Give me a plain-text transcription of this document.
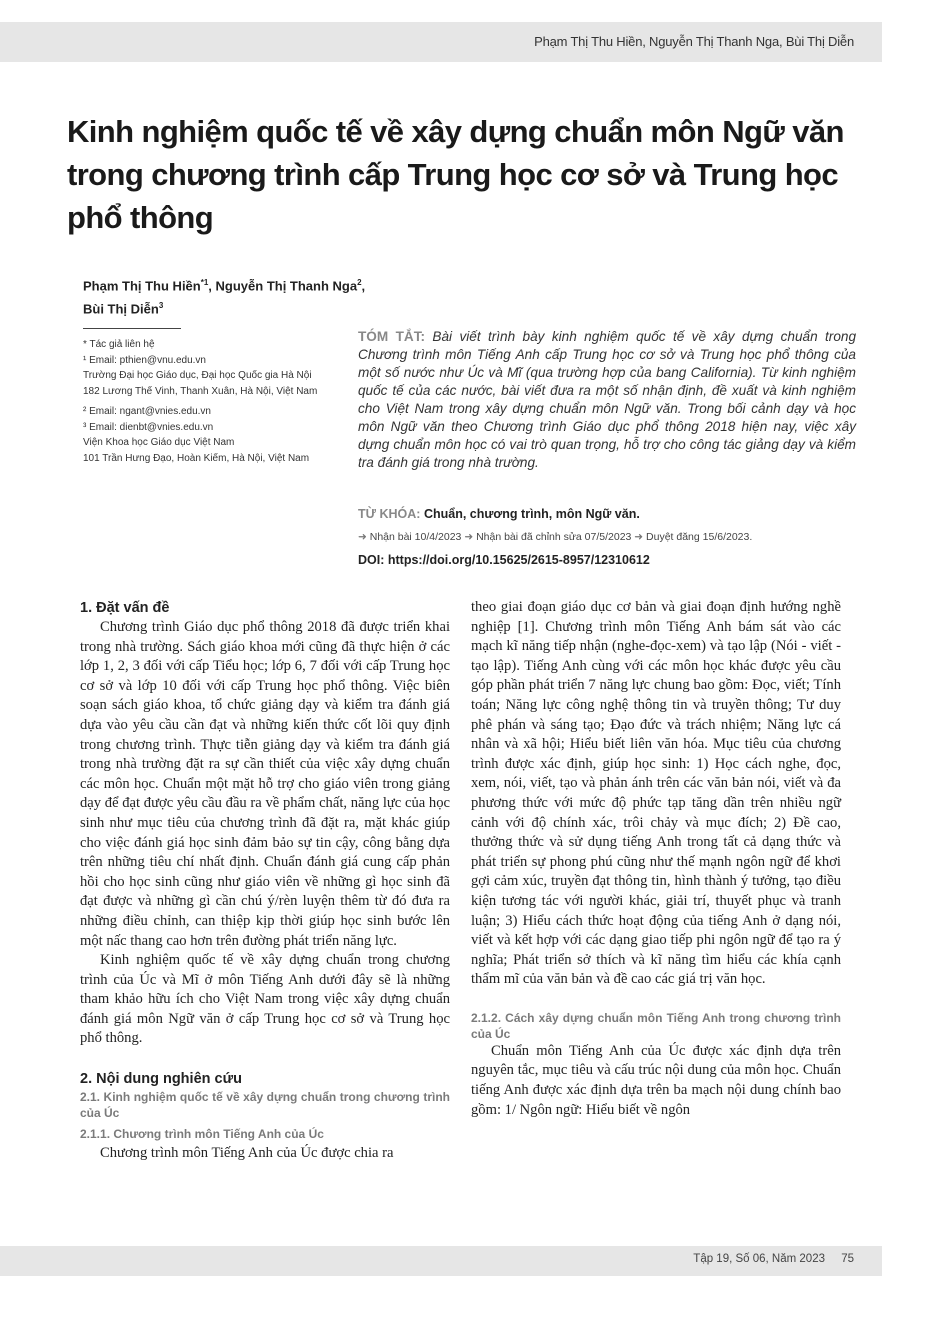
Phạm Thị Thu Hiền, Nguyễn Thị Thanh Nga, Bùi Thị Diễn
Kinh nghiệm quốc tế về xây dựng chuẩn môn Ngữ văn trong chương trình cấp Trung học cơ sở và Trung học phổ thông
Phạm Thị Thu Hiền$^{*1}$, Nguyễn Thị Thanh Nga$^2$,
Bùi Thị Diễn$^3$
* Tác giả liên hệ
¹ Email: pthien@vnu.edu.vn
Trường Đại học Giáo dục, Đại học Quốc gia Hà Nội
182 Lương Thế Vinh, Thanh Xuân, Hà Nội, Việt Nam
² Email: ngant@vnies.edu.vn
³ Email: dienbt@vnies.edu.vn
Viện Khoa học Giáo dục Việt Nam
101 Trần Hưng Đạo, Hoàn Kiếm, Hà Nội, Việt Nam

TÓM TẮT: Bài viết trình bày kinh nghiệm quốc tế về xây dựng chuẩn trong Chương trình môn Tiếng Anh cấp Trung học cơ sở và Trung học phổ thông của một số nước như Úc và Mĩ (qua trường hợp của bang California). Từ kinh nghiệm quốc tế của các nước, bài viết đưa ra một số nhận định, đề xuất và kinh nghiệm cho Việt Nam trong xây dựng chuẩn môn Ngữ văn. Trong bối cảnh dạy và học môn Ngữ văn theo Chương trình Giáo dục phổ thông 2018 hiện nay, việc xây dựng chuẩn môn học có vai trò quan trọng, hỗ trợ cho công tác giảng dạy và kiểm tra đánh giá trong nhà trường.

TỪ KHÓA: Chuẩn, chương trình, môn Ngữ văn.
➜ Nhận bài 10/4/2023 ➜ Nhận bài đã chỉnh sửa 07/5/2023 ➜ Duyệt đăng 15/6/2023.
DOI: https://doi.org/10.15625/2615-8957/12310612
1. Đặt vấn đề

Chương trình Giáo dục phổ thông 2018 đã được triển khai trong nhà trường. Sách giáo khoa mới cũng đã thực hiện ở các lớp 1, 2, 3 đối với cấp Tiểu học; lớp 6, 7 đối với cấp Trung học cơ sở và lớp 10 đối với cấp Trung học phổ thông. Việc biên soạn sách giáo khoa, tổ chức giảng dạy và kiểm tra đánh giá dựa vào yêu cầu cần đạt và những kiến thức cốt lõi quy định trong chương trình. Thực tiễn giảng dạy và kiểm tra đánh giá trong nhà trường đặt ra sự cần thiết của việc xây dựng chuẩn các môn học. Chuẩn một mặt hỗ trợ cho giáo viên trong giảng dạy để đạt được yêu cầu đầu ra về phẩm chất, năng lực của học sinh như mục tiêu của chương trình đã đặt ra, mặt khác giúp cho việc đánh giá học sinh đảm bảo sự tin cậy, công bằng dựa trên những tiêu chí nhất định. Chuẩn đánh giá cung cấp phản hồi cho học sinh cũng như giáo viên về những gì học sinh đã đạt được và những gì cần chú ý/rèn luyện thêm từ đó đưa ra những điều chỉnh, can thiệp kịp thời giúp học sinh bước lên một nấc thang cao hơn trên đường phát triển năng lực.

Kinh nghiệm quốc tế về xây dựng chuẩn trong chương trình của Úc và Mĩ ở môn Tiếng Anh dưới đây sẽ là những tham khảo hữu ích cho Việt Nam trong việc xây dựng chuẩn đánh giá môn Ngữ văn ở cấp Trung học cơ sở và Trung học phổ thông.

2. Nội dung nghiên cứu
2.1. Kinh nghiệm quốc tế về xây dựng chuẩn trong chương trình của Úc
2.1.1. Chương trình môn Tiếng Anh của Úc

Chương trình môn Tiếng Anh của Úc được chia ra

theo giai đoạn giáo dục cơ bản và giai đoạn định hướng nghề nghiệp [1]. Chương trình môn Tiếng Anh bám sát vào các mạch kĩ năng tiếp nhận (nghe-đọc-xem) và tạo lập (Nói - viết - tạo lập). Tiếng Anh cùng với các môn học khác được yêu cầu góp phần phát triển 7 năng lực chung bao gồm: Đọc, viết; Tính toán; Năng lực công nghệ thông tin và truyền thông; Tư duy phê phán và sáng tạo; Đạo đức và trách nhiệm; Năng lực cá nhân và xã hội; Hiểu biết liên văn hóa. Mục tiêu của chương trình được xác định, giúp học sinh: 1) Học cách nghe, đọc, xem, nói, viết, tạo và phản ánh trên các văn bản nói, viết và đa phương thức với mức độ phức tạp tăng dần trên nhiều ngữ cảnh với độ chính xác, trôi chảy và mục đích; 2) Đề cao, thưởng thức và sử dụng tiếng Anh trong tất cả dạng thức và phát triển sự phong phú cũng như thế mạnh ngôn ngữ để khơi gợi cảm xúc, truyền đạt thông tin, hình thành ý tưởng, tạo điều kiện tương tác với người khác, giải trí, thuyết phục và tranh luận; 3) Hiểu cách thức hoạt động của tiếng Anh ở dạng nói, viết và kết hợp với các dạng giao tiếp phi ngôn ngữ để tạo ra ý nghĩa; Phát triển sở thích và kĩ năng tìm hiểu các khía cạnh thẩm mĩ của văn bản và đề cao các giá trị văn học.

2.1.2. Cách xây dựng chuẩn môn Tiếng Anh trong chương trình của Úc

Chuẩn môn Tiếng Anh của Úc được xác định dựa trên nguyên tắc, mục tiêu và cấu trúc nội dung của môn học. Chuẩn tiếng Anh được xác định dựa trên ba mạch nội dung chính bao gồm: 1/ Ngôn ngữ: Hiểu biết về ngôn

Tập 19, Số 06, Năm 2023 75
